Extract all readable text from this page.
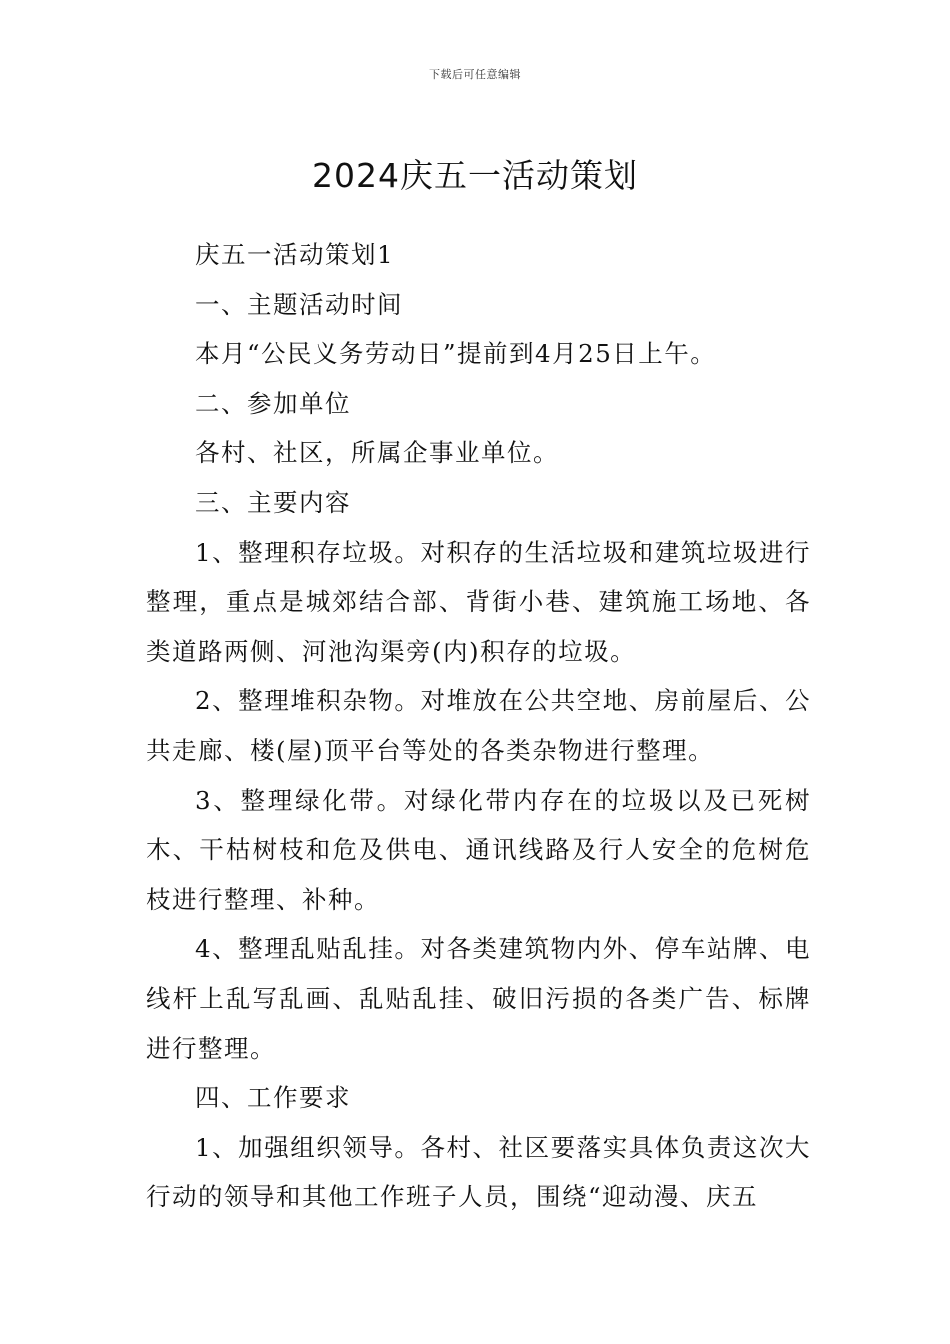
下载后可任意编辑
2024庆五一活动策划

庆五一活动策划1

一、主题活动时间

本月“公民义务劳动日”提前到4月25日上午。

二、参加单位

各村、社区，所属企事业单位。

三、主要内容

1、整理积存垃圾。对积存的生活垃圾和建筑垃圾进行整理，重点是城郊结合部、背街小巷、建筑施工场地、各类道路两侧、河池沟渠旁(内)积存的垃圾。

2、整理堆积杂物。对堆放在公共空地、房前屋后、公共走廊、楼(屋)顶平台等处的各类杂物进行整理。

3、整理绿化带。对绿化带内存在的垃圾以及已死树木、干枯树枝和危及供电、通讯线路及行人安全的危树危枝进行整理、补种。

4、整理乱贴乱挂。对各类建筑物内外、停车站牌、电线杆上乱写乱画、乱贴乱挂、破旧污损的各类广告、标牌进行整理。

四、工作要求

1、加强组织领导。各村、社区要落实具体负责这次大行动的领导和其他工作班子人员，围绕“迎动漫、庆五
